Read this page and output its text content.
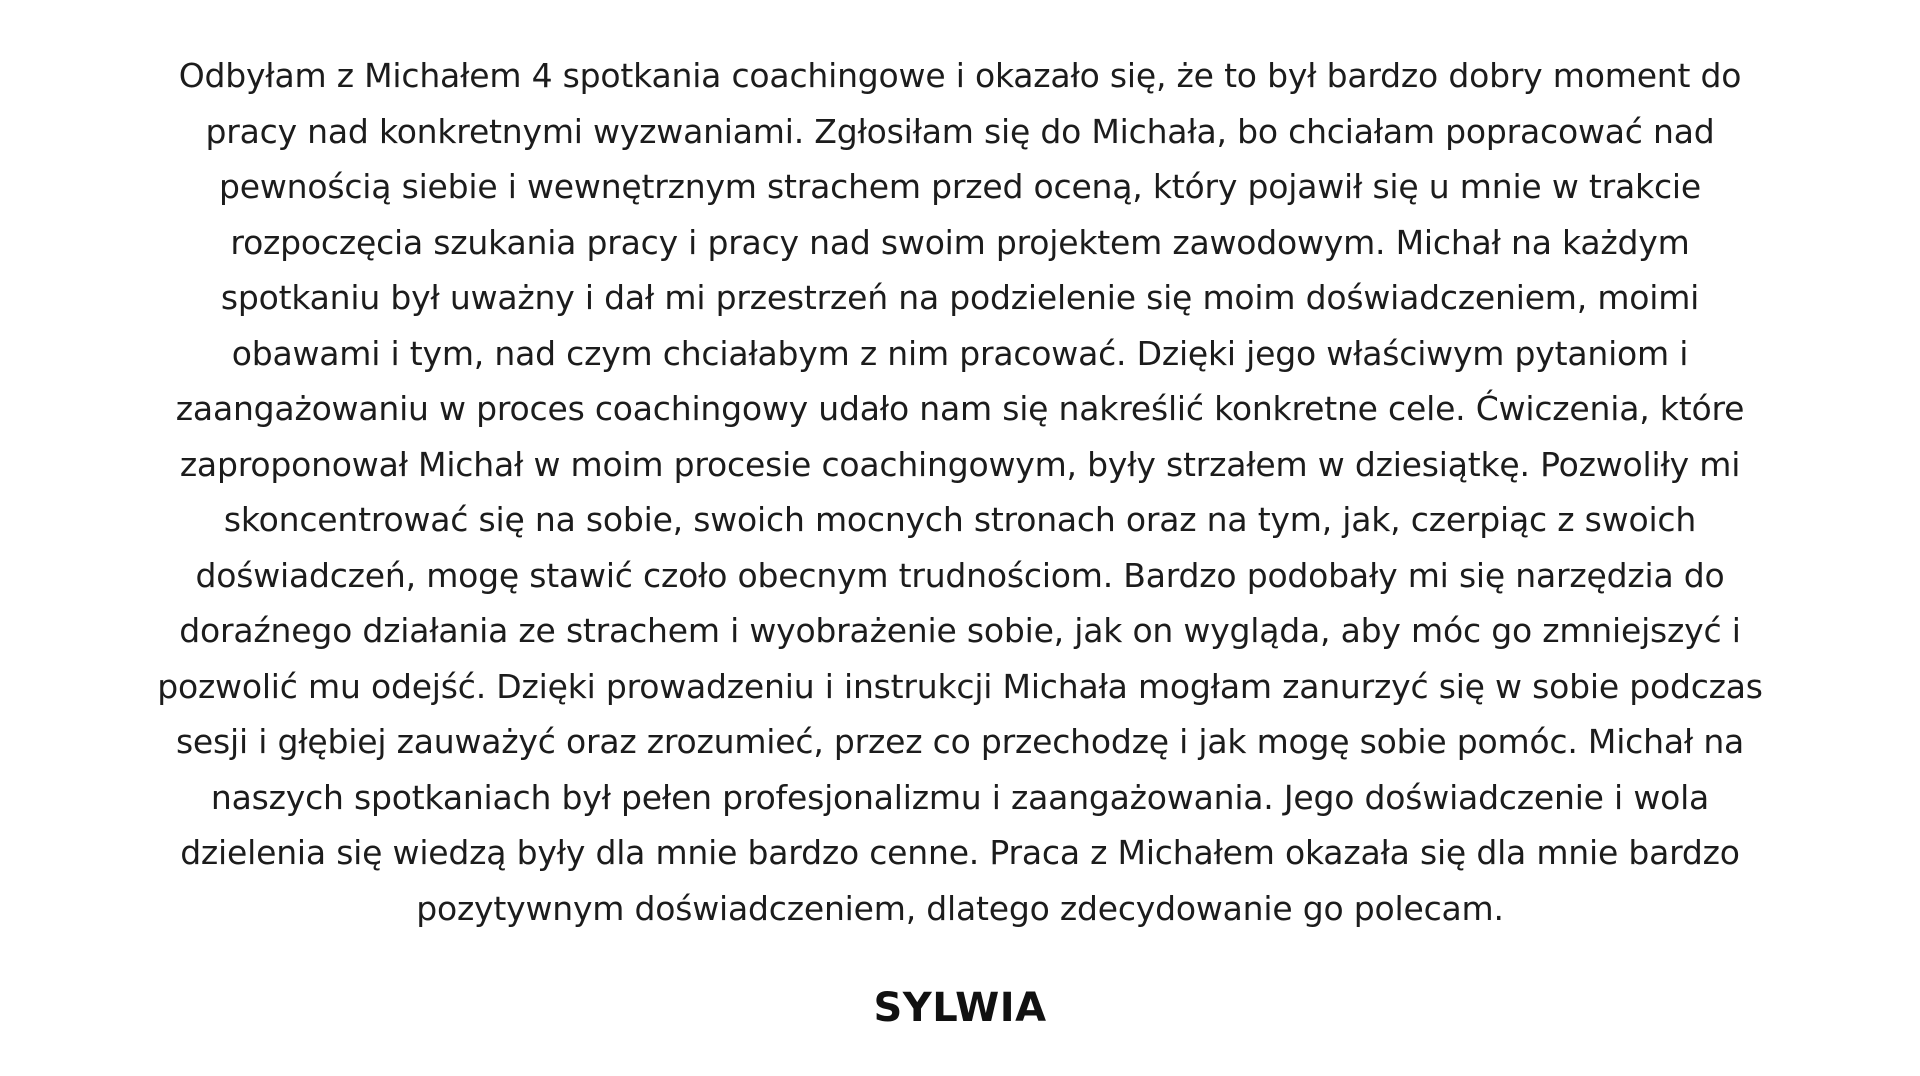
Odbyłam z Michałem 4 spotkania coachingowe i okazało się, że to był bardzo dobry moment do
pracy nad konkretnymi wyzwaniami. Zgłosiłam się do Michała, bo chciałam popracować nad
pewnością siebie i wewnętrznym strachem przed oceną, który pojawił się u mnie w trakcie
rozpoczęcia szukania pracy i pracy nad swoim projektem zawodowym. Michał na każdym
spotkaniu był uważny i dał mi przestrzeń na podzielenie się moim doświadczeniem, moimi
obawami i tym, nad czym chciałabym z nim pracować. Dzięki jego właściwym pytaniom i
zaangażowaniu w proces coachingowy udało nam się nakreślić konkretne cele. Ćwiczenia, które
zaproponował Michał w moim procesie coachingowym, były strzałem w dziesiątkę. Pozwoliły mi
skoncentrować się na sobie, swoich mocnych stronach oraz na tym, jak, czerpiąc z swoich
doświadczeń, mogę stawić czoło obecnym trudnościom. Bardzo podobały mi się narzędzia do
doraźnego działania ze strachem i wyobrażenie sobie, jak on wygląda, aby móc go zmniejszyć i
pozwolić mu odejść. Dzięki prowadzeniu i instrukcji Michała mogłam zanurzyć się w sobie podczas
sesji i głębiej zauważyć oraz zrozumieć, przez co przechodzę i jak mogę sobie pomóc. Michał na
naszych spotkaniach był pełen profesjonalizmu i zaangażowania. Jego doświadczenie i wola
dzielenia się wiedzą były dla mnie bardzo cenne. Praca z Michałem okazała się dla mnie bardzo
pozytywnym doświadczeniem, dlatego zdecydowanie go polecam.

SYLWIA
